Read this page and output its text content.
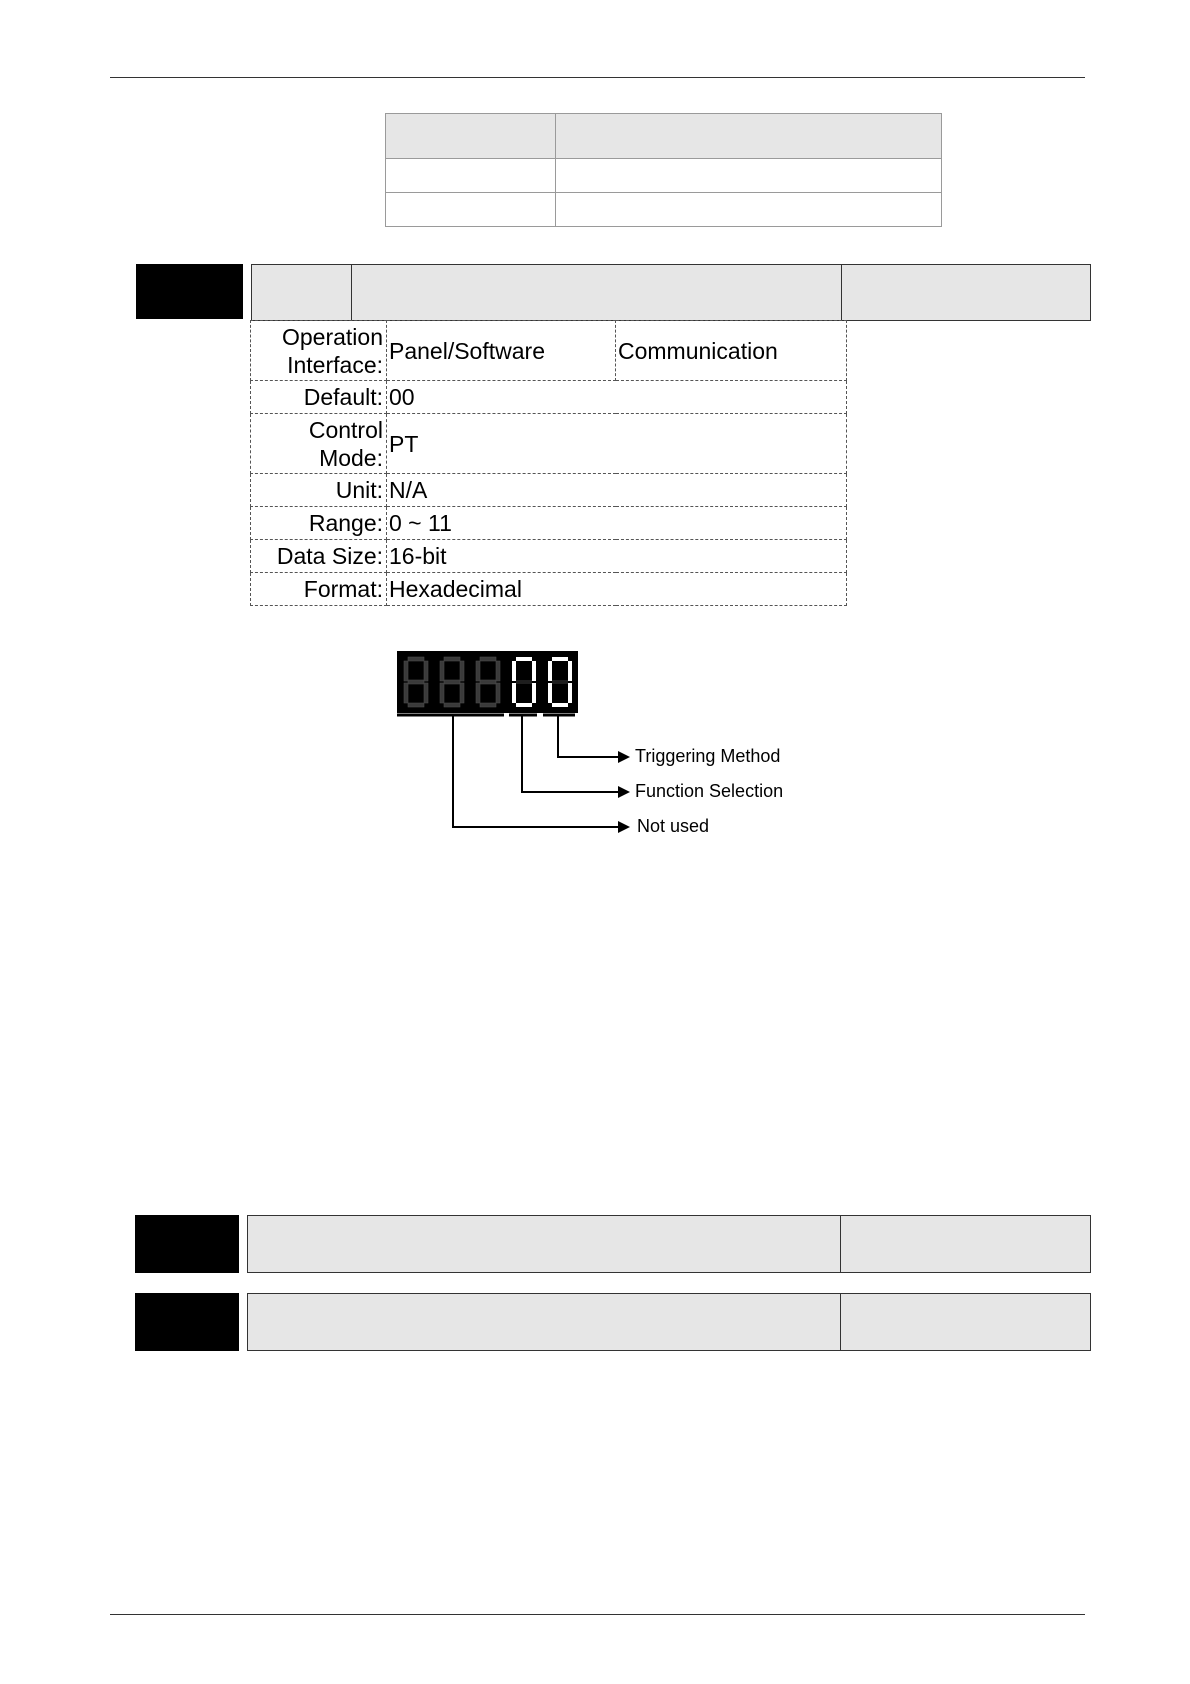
Operation
Interface:	Panel/Software	Communication
Default:	00	

Control
Mode:	PT	
Unit:	N/A	
Range:	0 ~ 11	
Data Size:	16-bit	
Format:	Hexadecimal	
Triggering Method
Function Selection
Not used
